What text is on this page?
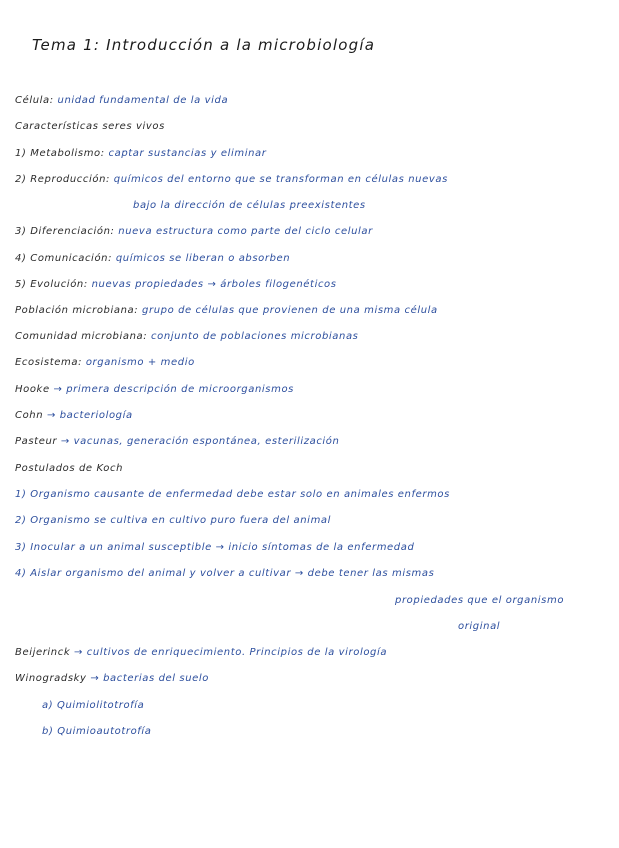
Tema 1: Introducción a la microbiología
Célula: unidad fundamental de la vida
Características seres vivos
1) Metabolismo: captar sustancias y eliminar
2) Reproducción: químicos del entorno que se transforman en células nuevas
bajo la dirección de células preexistentes
3) Diferenciación: nueva estructura como parte del ciclo celular
4) Comunicación: químicos se liberan o absorben
5) Evolución: nuevas propiedades → árboles filogenéticos
Población microbiana: grupo de células que provienen de una misma célula
Comunidad microbiana: conjunto de poblaciones microbianas
Ecosistema: organismo + medio
Hooke → primera descripción de microorganismos
Cohn → bacteriología
Pasteur → vacunas, generación espontánea, esterilización
Postulados de Koch
1) Organismo causante de enfermedad debe estar solo en animales enfermos
2) Organismo se cultiva en cultivo puro fuera del animal
3) Inocular a un animal susceptible → inicio síntomas de la enfermedad
4) Aislar organismo del animal y volver a cultivar → debe tener las mismas
propiedades que el organismo
original
Beijerinck → cultivos de enriquecimiento. Principios de la virología
Winogradsky → bacterias del suelo
a) Quimiolitotrofía
b) Quimioautotrofía
